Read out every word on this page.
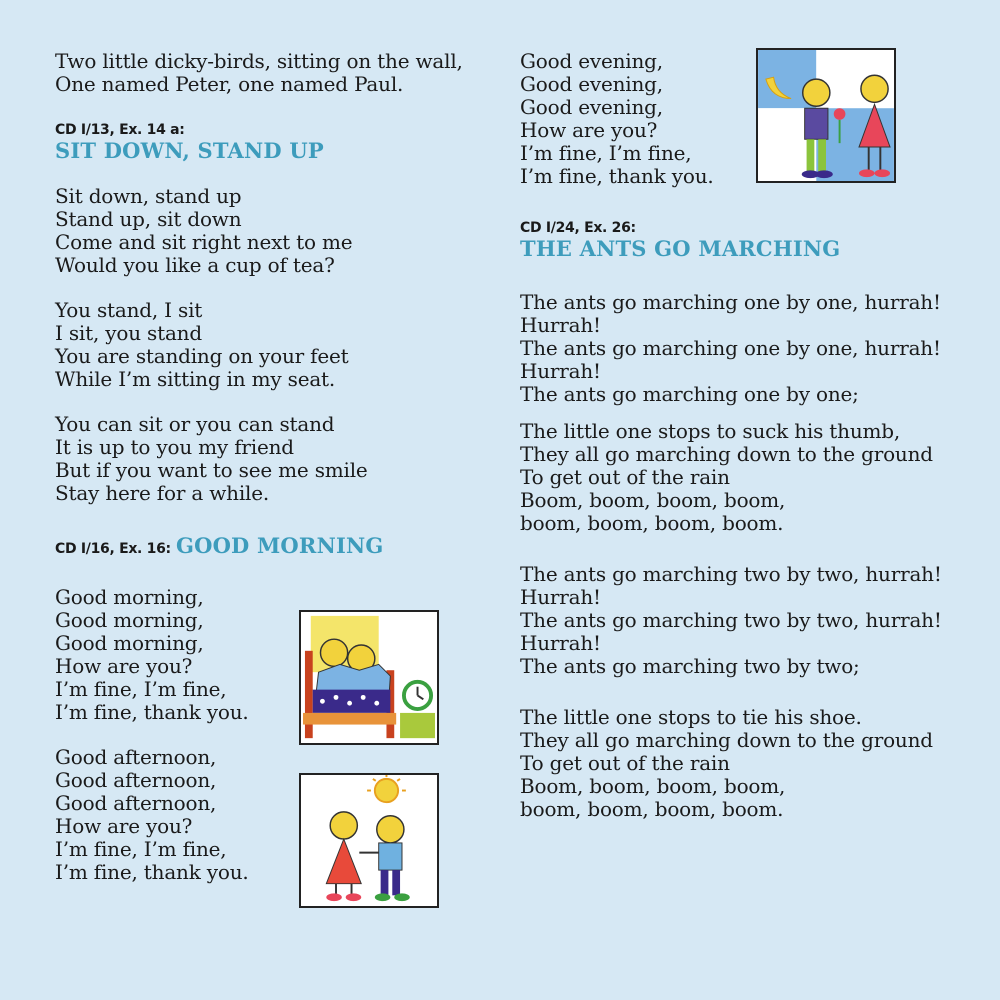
Two little dicky-birds, sitting on the wall,
One named Peter, one named Paul.
CD I/13, Ex. 14 a:
SIT DOWN, STAND UP
Sit down, stand up
Stand up, sit down
Come and sit right next to me
Would you like a cup of tea?
You stand, I sit
I sit, you stand
You are standing on your feet
While I’m sitting in my seat.
You can sit or you can stand
It is up to you my friend
But if you want to see me smile
Stay here for a while.
CD I/16, Ex. 16: GOOD MORNING
Good morning,
Good morning,
Good morning,
How are you?
I’m fine, I’m fine,
I’m fine, thank you.
Good afternoon,
Good afternoon,
Good afternoon,
How are you?
I’m fine, I’m fine,
I’m fine, thank you.
Good evening,
Good evening,
Good evening,
How are you?
I’m fine, I’m fine,
I’m fine, thank you.
CD I/24, Ex. 26:
THE ANTS GO MARCHING
The ants go marching one by one, hurrah!
Hurrah!
The ants go marching one by one, hurrah!
Hurrah!
The ants go marching one by one;
The little one stops to suck his thumb,
They all go marching down to the ground
To get out of the rain
Boom, boom, boom, boom,
boom, boom, boom, boom.
The ants go marching two by two, hurrah!
Hurrah!
The ants go marching two by two, hurrah!
Hurrah!
The ants go marching two by two;
The little one stops to tie his shoe.
They all go marching down to the ground
To get out of the rain
Boom, boom, boom, boom,
boom, boom, boom, boom.
